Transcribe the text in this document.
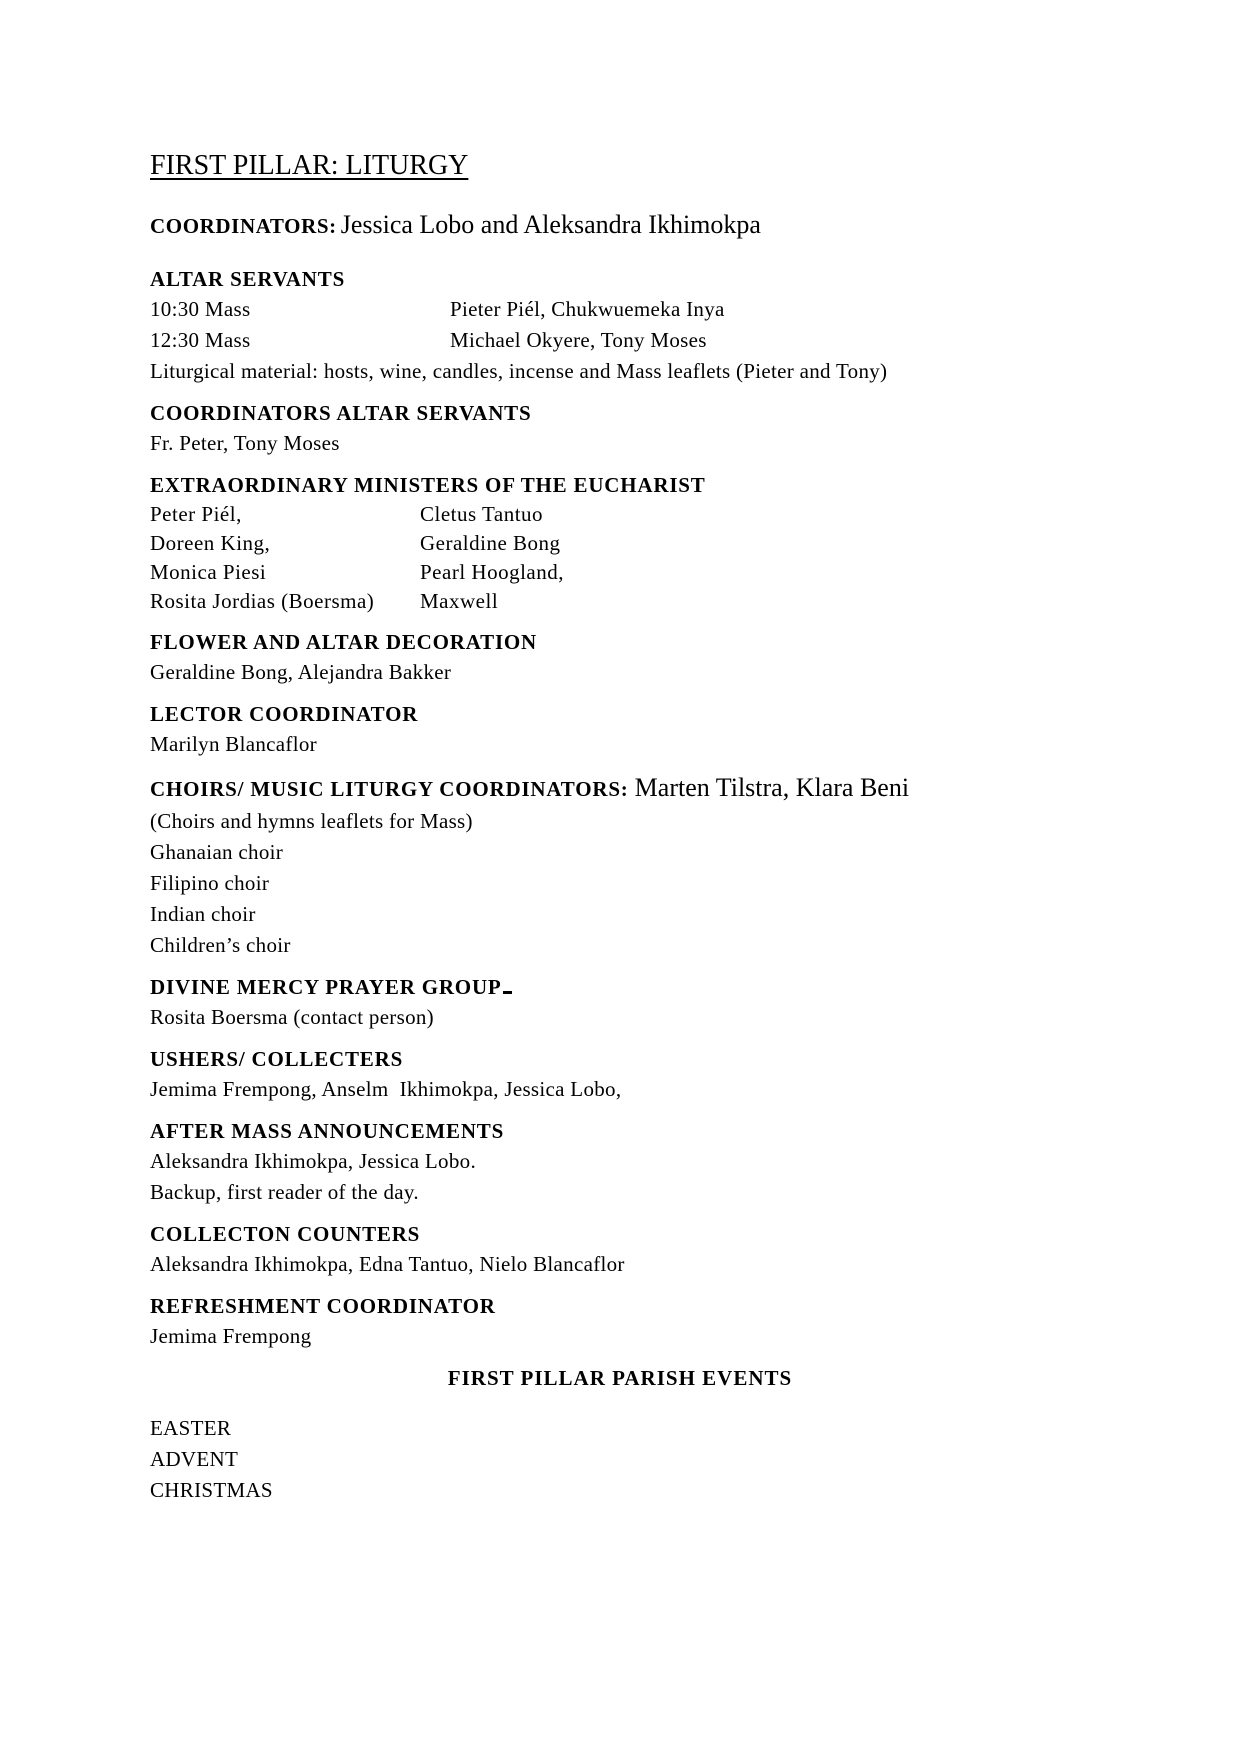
FIRST PILLAR: LITURGY
COORDINATORS: Jessica Lobo and Aleksandra Ikhimokpa
ALTAR SERVANTS
10:30 Mass	Pieter Piél, Chukwuemeka Inya
12:30 Mass	Michael Okyere, Tony Moses
Liturgical material: hosts, wine, candles, incense and Mass leaflets (Pieter and Tony)
COORDINATORS ALTAR SERVANTS
Fr. Peter, Tony Moses
EXTRAORDINARY MINISTERS OF THE EUCHARIST
Peter Piél,	Cletus Tantuo
Doreen King,	Geraldine Bong
Monica Piesi	Pearl Hoogland,
Rosita Jordias (Boersma)	Maxwell
FLOWER AND ALTAR DECORATION
Geraldine Bong, Alejandra Bakker
LECTOR COORDINATOR
Marilyn Blancaflor
CHOIRS/ MUSIC LITURGY COORDINATORS: Marten Tilstra, Klara Beni
(Choirs and hymns leaflets for Mass)
Ghanaian choir
Filipino choir
Indian choir
Children’s choir
DIVINE MERCY PRAYER GROUP
Rosita Boersma (contact person)
USHERS/ COLLECTERS
Jemima Frempong, Anselm  Ikhimokpa, Jessica Lobo,
AFTER MASS ANNOUNCEMENTS
Aleksandra Ikhimokpa, Jessica Lobo.
Backup, first reader of the day.
COLLECTON COUNTERS
Aleksandra Ikhimokpa, Edna Tantuo, Nielo Blancaflor
REFRESHMENT COORDINATOR
Jemima Frempong
FIRST PILLAR PARISH EVENTS
EASTER
ADVENT
CHRISTMAS
